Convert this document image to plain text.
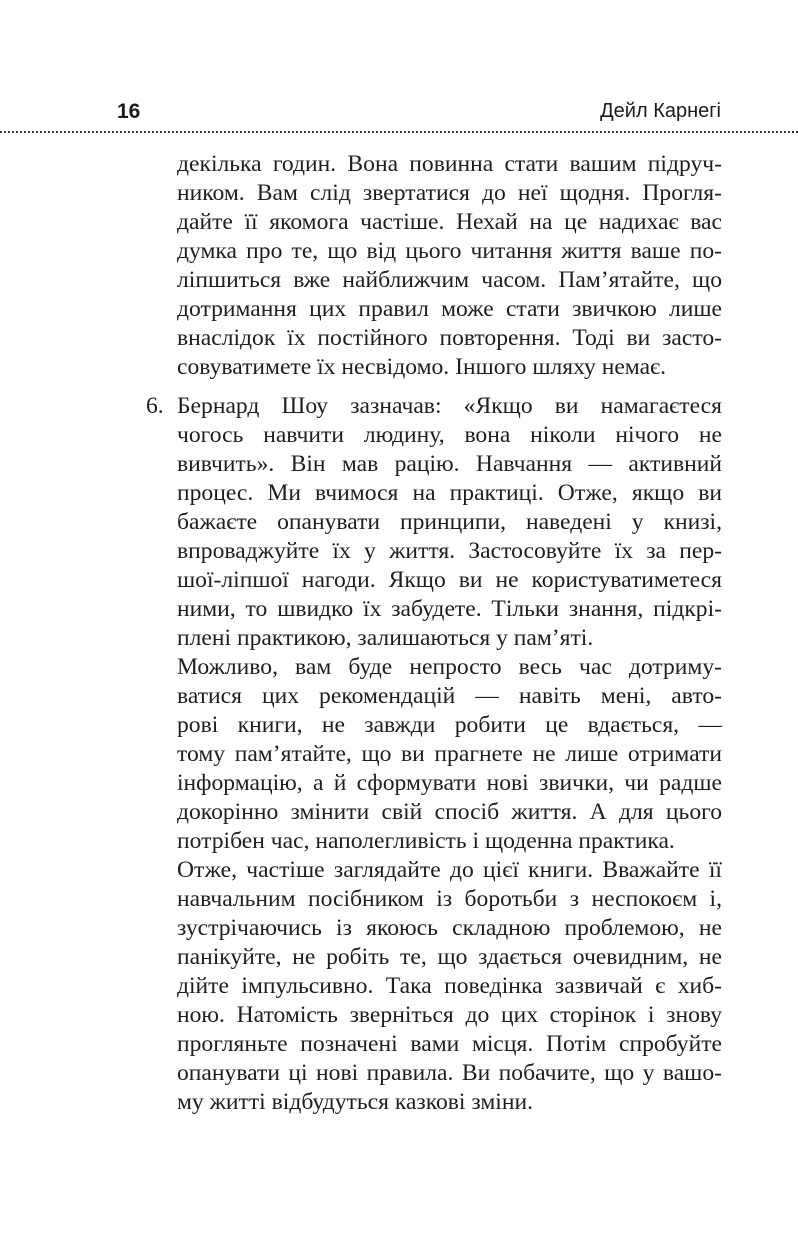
16	Дейл Карнегі
декілька годин. Вона повинна стати вашим підруч-
ником. Вам слід звертатися до неї щодня. Прогля-
дайте її якомога частіше. Нехай на це надихає вас
думка про те, що від цього читання життя ваше по-
ліпшиться вже найближчим часом. Пам’ятайте, що
дотримання цих правил може стати звичкою лише
внаслідок їх постійного повторення. Тоді ви засто-
совуватимете їх несвідомо. Іншого шляху немає.
6. Бернард Шоу зазначав: «Якщо ви намагаєтеся
чогось навчити людину, вона ніколи нічого не
вивчить». Він мав рацію. Навчання — активний
процес. Ми вчимося на практиці. Отже, якщо ви
бажаєте опанувати принципи, наведені у книзі,
впроваджуйте їх у життя. Застосовуйте їх за пер-
шої-ліпшої нагоди. Якщо ви не користуватиметеся
ними, то швидко їх забудете. Тільки знання, підкрі-
плені практикою, залишаються у пам’яті.
Можливо, вам буде непросто весь час дотриму-
ватися цих рекомендацій — навіть мені, авто-
рові книги, не завжди робити це вдається, —
тому пам’ятайте, що ви прагнете не лише отримати
інформацію, а й сформувати нові звички, чи радше
докорінно змінити свій спосіб життя. А для цього
потрібен час, наполегливість і щоденна практика.
Отже, частіше заглядайте до цієї книги. Вважайте її
навчальним посібником із боротьби з неспокоєм і,
зустрічаючись із якоюсь складною проблемою, не
панікуйте, не робіть те, що здається очевидним, не
дійте імпульсивно. Така поведінка зазвичай є хиб-
ною. Натомість зверніться до цих сторінок і знову
прогляньте позначені вами місця. Потім спробуйте
опанувати ці нові правила. Ви побачите, що у вашо-
му житті відбудуться казкові зміни.
